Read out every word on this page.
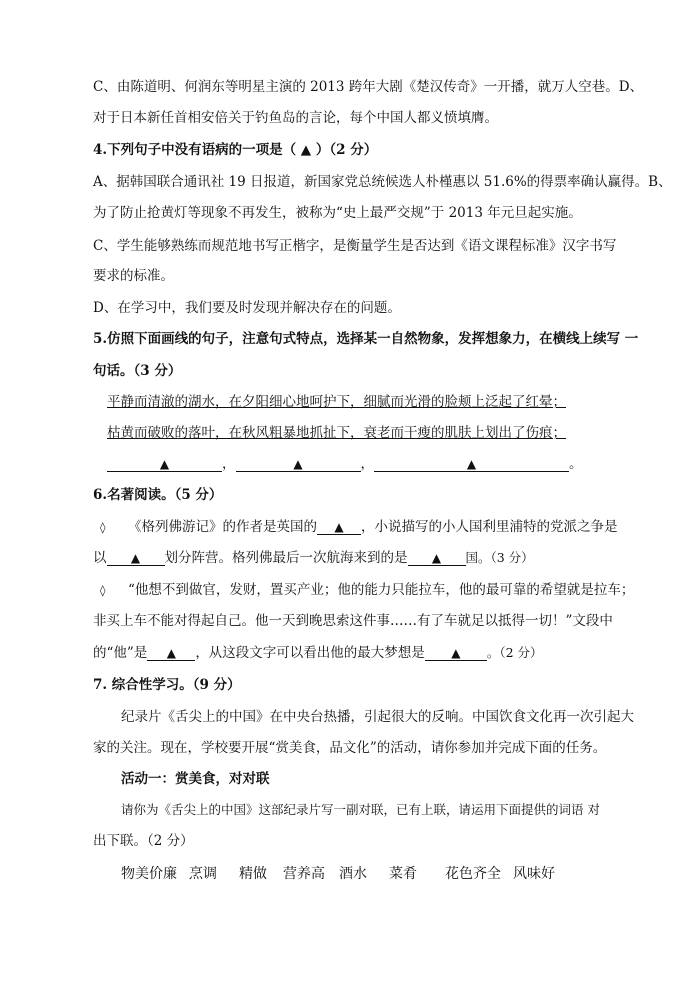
C、由陈道明、何润东等明星主演的 2013 跨年大剧《楚汉传奇》一开播，就万人空巷。D、
对于日本新任首相安倍关于钓鱼岛的言论，每个中国人都义愤填膺。
4.下列句子中没有语病的一项是（ ▲ ）（2 分）
A、据韩国联合通讯社 19 日报道，新国家党总统候选人朴槿惠以 51.6%的得票率确认赢得。B、
为了防止抢黄灯等现象不再发生，被称为“史上最严交规”于 2013 年元旦起实施。
C、学生能够熟练而规范地书写正楷字，是衡量学生是否达到《语文课程标准》汉字书写
要求的标准。
D、在学习中，我们要及时发现并解决存在的问题。
5.仿照下面画线的句子，注意句式特点，选择某一自然物象，发挥想象力，在横线上续写 一
句话。（3 分）
平静而清澈的湖水，在夕阳细心地呵护下，细腻而光滑的脸颊上泛起了红晕；
枯黄而破败的落叶，在秋风粗暴地抓扯下，衰老而干瘦的肌肤上划出了伤痕；
▲	，	▲	，	▲	。
6.名著阅读。（5 分）
◊ 《格列佛游记》的作者是英国的 ▲ ，小说描写的小人国利里浦特的党派之争是
以 ▲ 划分阵营。格列佛最后一次航海来到的是 ▲ 国。（3 分）
◊ “他想不到做官，发财，置买产业；他的能力只能拉车，他的最可靠的希望就是拉车；
非买上车不能对得起自己。他一天到晚思索这件事……有了车就足以抵得一切！”文段中
的“他”是 ▲ ，从这段文字可以看出他的最大梦想是 ▲ 。（2 分）
7. 综合性学习。（9 分）
纪录片《舌尖上的中国》在中央台热播，引起很大的反响。中国饮食文化再一次引起大
家的关注。现在，学校要开展“赏美食，品文化”的活动，请你参加并完成下面的任务。
活动一：赏美食，对对联
请你为《舌尖上的中国》这部纪录片写一副对联，已有上联，请运用下面提供的词语 对
出下联。（2 分）
物美价廉 烹调 精做 营养高 酒水 菜肴 花色齐全 风味好
